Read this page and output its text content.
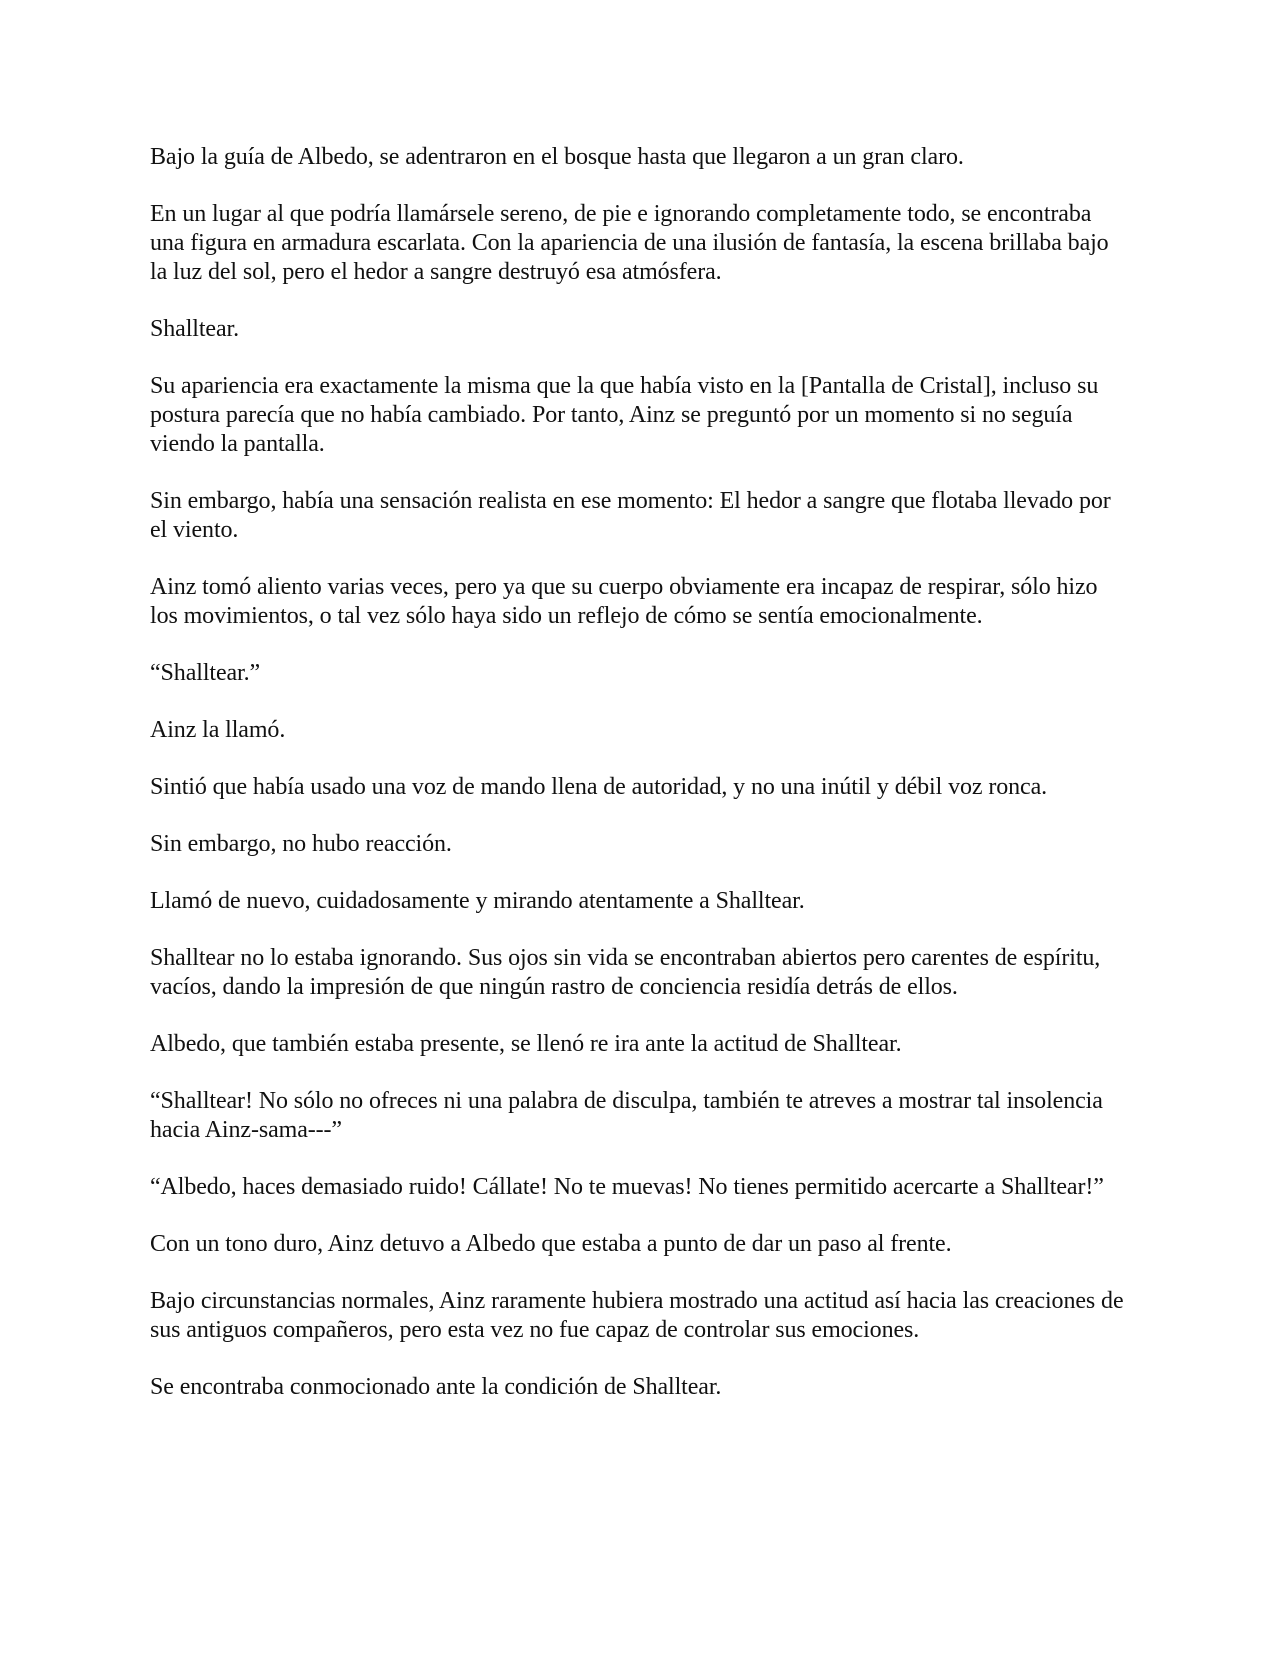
Bajo la guía de Albedo, se adentraron en el bosque hasta que llegaron a un gran claro.

En un lugar al que podría llamársele sereno, de pie e ignorando completamente todo, se encontraba una figura en armadura escarlata. Con la apariencia de una ilusión de fantasía, la escena brillaba bajo la luz del sol, pero el hedor a sangre destruyó esa atmósfera.

Shalltear.

Su apariencia era exactamente la misma que la que había visto en la [Pantalla de Cristal], incluso su postura parecía que no había cambiado. Por tanto, Ainz se preguntó por un momento si no seguía viendo la pantalla.

Sin embargo, había una sensación realista en ese momento: El hedor a sangre que flotaba llevado por el viento.

Ainz tomó aliento varias veces, pero ya que su cuerpo obviamente era incapaz de respirar, sólo hizo los movimientos, o tal vez sólo haya sido un reflejo de cómo se sentía emocionalmente.

“Shalltear.”

Ainz la llamó.

Sintió que había usado una voz de mando llena de autoridad, y no una inútil y débil voz ronca.

Sin embargo, no hubo reacción.

Llamó de nuevo, cuidadosamente y mirando atentamente a Shalltear.

Shalltear no lo estaba ignorando. Sus ojos sin vida se encontraban abiertos pero carentes de espíritu, vacíos, dando la impresión de que ningún rastro de conciencia residía detrás de ellos.

Albedo, que también estaba presente, se llenó re ira ante la actitud de Shalltear.

“Shalltear! No sólo no ofreces ni una palabra de disculpa, también te atreves a mostrar tal insolencia hacia Ainz-sama---”

“Albedo, haces demasiado ruido! Cállate! No te muevas! No tienes permitido acercarte a Shalltear!”

Con un tono duro, Ainz detuvo a Albedo que estaba a punto de dar un paso al frente.

Bajo circunstancias normales, Ainz raramente hubiera mostrado una actitud así hacia las creaciones de sus antiguos compañeros, pero esta vez no fue capaz de controlar sus emociones.

Se encontraba conmocionado ante la condición de Shalltear.
